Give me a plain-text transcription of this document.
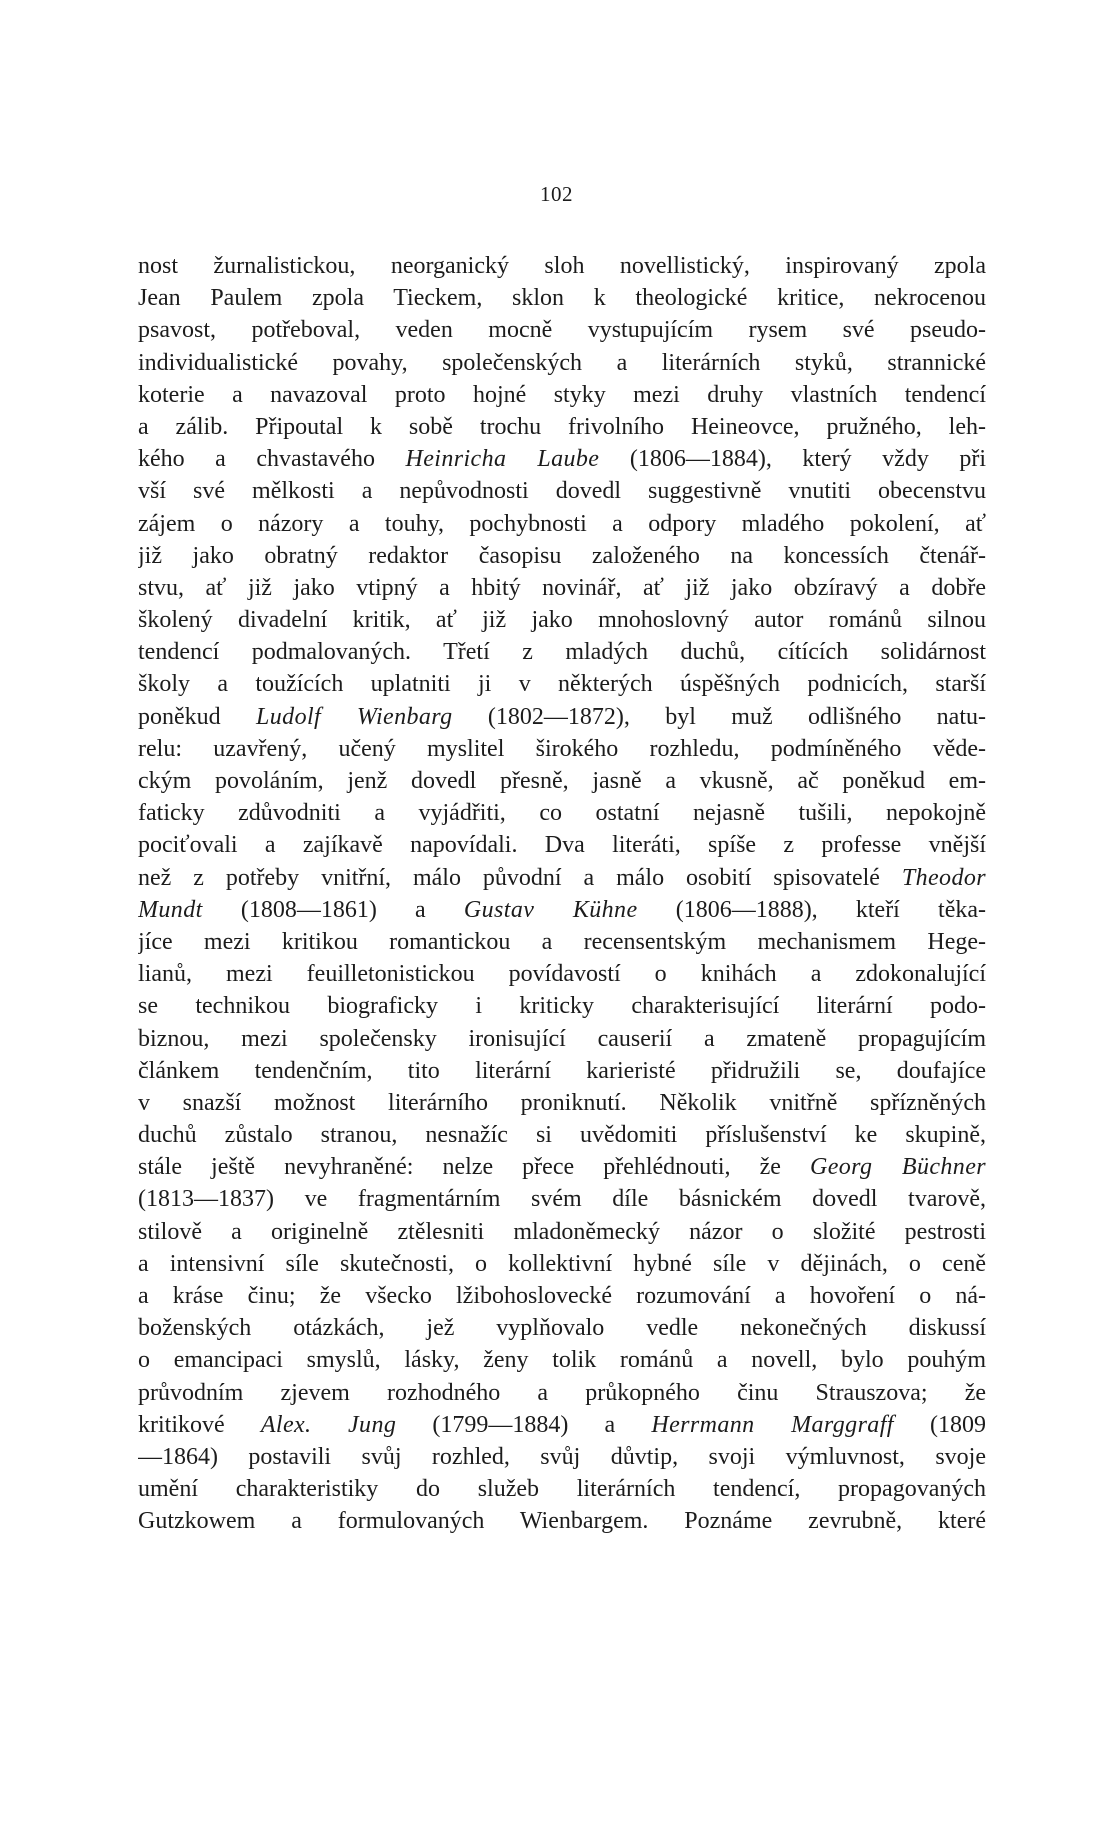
102
nost žurnalistickou, neorganický sloh novellistický, inspirovaný zpola
Jean Paulem zpola Tieckem, sklon k theologické kritice, nekrocenou
psavost, potřeboval, veden mocně vystupujícím rysem své pseudo-
individualistické povahy, společenských a literárních styků, strannické
koterie a navazoval proto hojné styky mezi druhy vlastních tendencí
a zálib. Připoutal k sobě trochu frivolního Heineovce, pružného, leh-
kého a chvastavého Heinricha Laube (1806—1884), který vždy při
vší své mělkosti a nepůvodnosti dovedl suggestivně vnutiti obecenstvu
zájem o názory a touhy, pochybnosti a odpory mladého pokolení, ať
již jako obratný redaktor časopisu založeného na koncessích čtenář-
stvu, ať již jako vtipný a hbitý novinář, ať již jako obzíravý a dobře
školený divadelní kritik, ať již jako mnohoslovný autor románů silnou
tendencí podmalovaných. Třetí z mladých duchů, cítících solidárnost
školy a toužících uplatniti ji v některých úspěšných podnicích, starší
poněkud Ludolf Wienbarg (1802—1872), byl muž odlišného natu-
relu: uzavřený, učený myslitel širokého rozhledu, podmíněného věde-
ckým povoláním, jenž dovedl přesně, jasně a vkusně, ač poněkud em-
faticky zdůvodniti a vyjádřiti, co ostatní nejasně tušili, nepokojně
pociťovali a zajíkavě napovídali. Dva literáti, spíše z professe vnější
než z potřeby vnitřní, málo původní a málo osobití spisovatelé Theodor
Mundt (1808—1861) a Gustav Kühne (1806—1888), kteří těka-
jíce mezi kritikou romantickou a recensentským mechanismem Hege-
lianů, mezi feuilletonistickou povídavostí o knihách a zdokonalující
se technikou biograficky i kriticky charakterisující literární podo-
biznou, mezi společensky ironisující causerií a zmateně propagujícím
článkem tendenčním, tito literární karieristé přidružili se, doufajíce
v snazší možnost literárního proniknutí. Několik vnitřně spřízněných
duchů zůstalo stranou, nesnažíc si uvědomiti příslušenství ke skupině,
stále ještě nevyhraněné: nelze přece přehlédnouti, že Georg Büchner
(1813—1837) ve fragmentárním svém díle básnickém dovedl tvarově,
stilově a originelně ztělesniti mladoněmecký názor o složité pestrosti
a intensivní síle skutečnosti, o kollektivní hybné síle v dějinách, o ceně
a kráse činu; že všecko lžibohoslovecké rozumování a hovoření o ná-
boženských otázkách, jež vyplňovalo vedle nekonečných diskussí
o emancipaci smyslů, lásky, ženy tolik románů a novell, bylo pouhým
průvodním zjevem rozhodného a průkopného činu Strauszova; že
kritikové Alex. Jung (1799—1884) a Herrmann Marggraff (1809
—1864) postavili svůj rozhled, svůj důvtip, svoji výmluvnost, svoje
umění charakteristiky do služeb literárních tendencí, propagovaných
Gutzkowem a formulovaných Wienbargem. Poznáme zevrubně, které
